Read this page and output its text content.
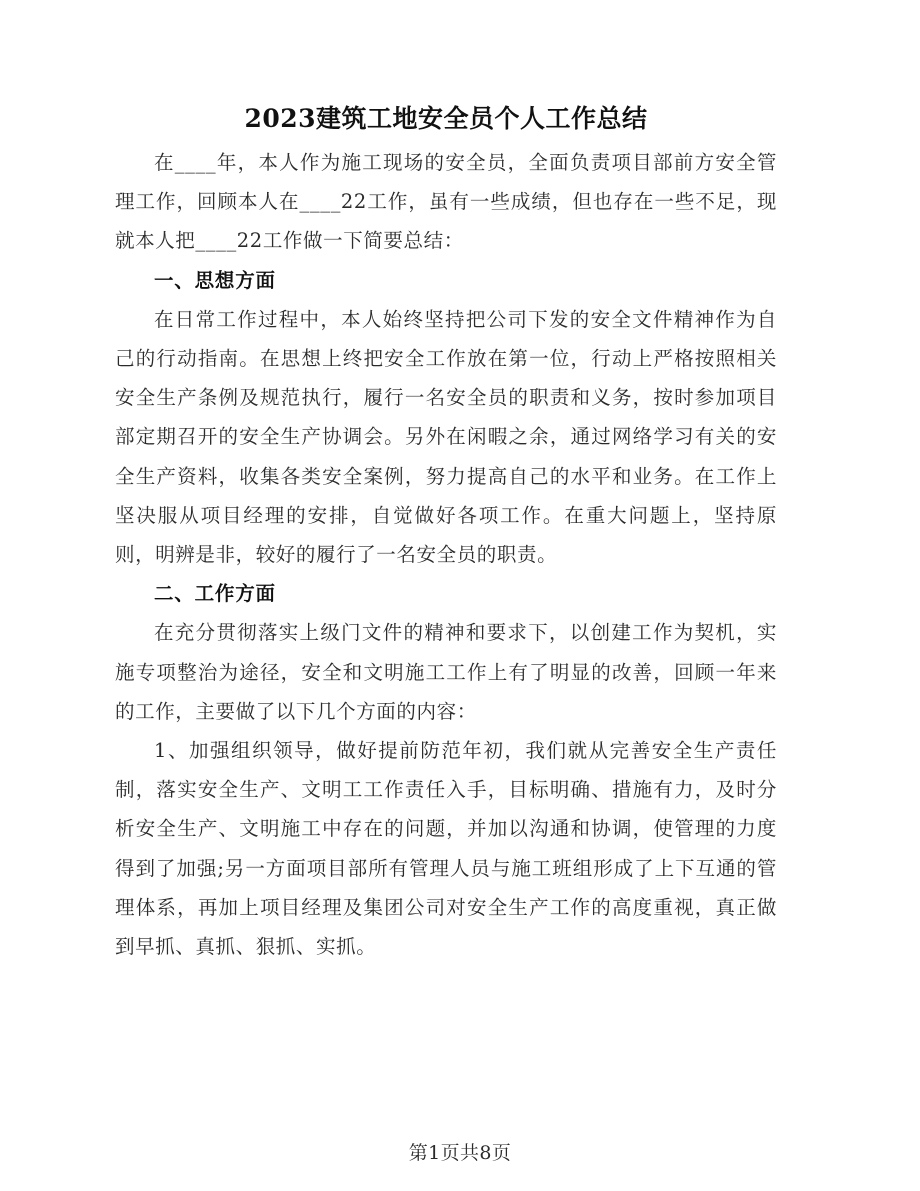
2023建筑工地安全员个人工作总结

在____年，本人作为施工现场的安全员，全面负责项目部前方安全管理工作，回顾本人在____22工作，虽有一些成绩，但也存在一些不足，现就本人把____22工作做一下简要总结：

一、思想方面

在日常工作过程中，本人始终坚持把公司下发的安全文件精神作为自己的行动指南。在思想上终把安全工作放在第一位，行动上严格按照相关安全生产条例及规范执行，履行一名安全员的职责和义务，按时参加项目部定期召开的安全生产协调会。另外在闲暇之余，通过网络学习有关的安全生产资料，收集各类安全案例，努力提高自己的水平和业务。在工作上坚决服从项目经理的安排，自觉做好各项工作。在重大问题上，坚持原则，明辨是非，较好的履行了一名安全员的职责。

二、工作方面

在充分贯彻落实上级门文件的精神和要求下，以创建工作为契机，实施专项整治为途径，安全和文明施工工作上有了明显的改善，回顾一年来的工作，主要做了以下几个方面的内容：

1、加强组织领导，做好提前防范年初，我们就从完善安全生产责任制，落实安全生产、文明工工作责任入手，目标明确、措施有力，及时分析安全生产、文明施工中存在的问题，并加以沟通和协调，使管理的力度得到了加强;另一方面项目部所有管理人员与施工班组形成了上下互通的管理体系，再加上项目经理及集团公司对安全生产工作的高度重视，真正做到早抓、真抓、狠抓、实抓。

第1页共8页
